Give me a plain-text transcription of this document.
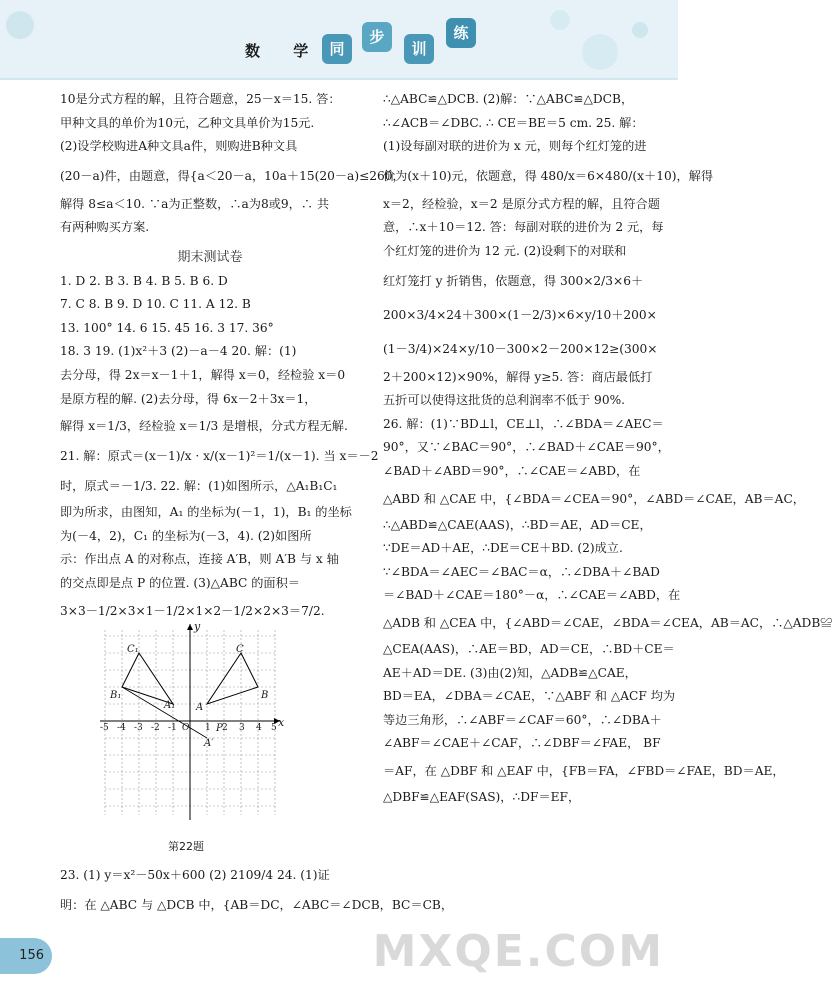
数 学 同
步
训
练

10是分式方程的解，且符合题意，25－x＝15. 答：

甲种文具的单价为10元，乙种文具单价为15元.

(2)设学校购进A种文具a件，则购进B种文具

(20－a)件，由题意，得{a＜20－a，10a＋15(20－a)≤260，

解得 8≤a＜10. ∵a为正整数，∴a为8或9，∴ 共

有两种购买方案.

期末测试卷

1. D 2. B 3. B 4. B 5. B 6. D

7. C 8. B 9. D 10. C 11. A 12. B

13. 100° 14. 6 15. 45 16. 3 17. 36°

18. 3 19. (1)x²＋3 (2)－a－4 20. 解：(1)

去分母，得 2x＝x－1＋1，解得 x＝0，经检验 x＝0

是原方程的解. (2)去分母，得 6x－2＋3x＝1，

解得 x＝1/3，经检验 x＝1/3 是增根，分式方程无解.

21. 解：原式＝(x－1)/x · x/(x－1)²＝1/(x－1). 当 x＝－2

时，原式＝－1/3. 22. 解：(1)如图所示，△A₁B₁C₁

即为所求，由图知，A₁ 的坐标为(－1，1)，B₁ 的坐标

为(－4，2)，C₁ 的坐标为(－3，4). (2)如图所

示：作出点 A 的对称点，连接 A′B，则 A′B 与 x 轴

的交点即是点 P 的位置. (3)△ABC 的面积＝

3×3－1/2×3×1－1/2×1×2－1/2×2×3＝7/2.

y
x
C₁	C
B₁	B
A₁ A
P
A′
-5 -4 -3 -2 -1 O 1 2 3 4 5
第22题

23. (1) y＝x²－50x＋600 (2) 2109/4 24. (1)证

明：在 △ABC 与 △DCB 中，{AB＝DC，∠ABC＝∠DCB，BC＝CB，

∴△ABC≌△DCB. (2)解：∵△ABC≌△DCB，

∴∠ACB＝∠DBC. ∴ CE＝BE＝5 cm. 25. 解：

(1)设每副对联的进价为 x 元，则每个红灯笼的进

价为(x＋10)元，依题意，得 480/x＝6×480/(x＋10)，解得

x＝2，经检验，x＝2 是原分式方程的解，且符合题

意，∴x＋10＝12. 答：每副对联的进价为 2 元，每

个红灯笼的进价为 12 元. (2)设剩下的对联和

红灯笼打 y 折销售，依题意，得 300×2/3×6＋

200×3/4×24＋300×(1－2/3)×6×y/10＋200×

(1－3/4)×24×y/10－300×2－200×12≥(300×

2＋200×12)×90%，解得 y≥5. 答：商店最低打

五折可以使得这批货的总利润率不低于 90%.

26. 解：(1)∵BD⊥l，CE⊥l，∴∠BDA＝∠AEC＝

90°，又∵∠BAC＝90°，∴∠BAD＋∠CAE＝90°，

∠BAD＋∠ABD＝90°，∴∠CAE＝∠ABD，在

△ABD 和 △CAE 中，{∠BDA＝∠CEA＝90°，∠ABD＝∠CAE，AB＝AC，

∴△ABD≌△CAE(AAS)，∴BD＝AE，AD＝CE，

∵DE＝AD＋AE，∴DE＝CE＋BD. (2)成立.

∵∠BDA＝∠AEC＝∠BAC＝α，∴∠DBA＋∠BAD

＝∠BAD＋∠CAE＝180°－α，∴∠CAE＝∠ABD，在

△ADB 和 △CEA 中，{∠ABD＝∠CAE，∠BDA＝∠CEA，AB＝AC，∴△ADB≌

△CEA(AAS)，∴AE＝BD，AD＝CE，∴BD＋CE＝

AE＋AD＝DE. (3)由(2)知，△ADB≌△CAE，

BD＝EA，∠DBA＝∠CAE，∵△ABF 和 △ACF 均为

等边三角形，∴∠ABF＝∠CAF＝60°，∴∠DBA＋

∠ABF＝∠CAE＋∠CAF，∴∠DBF＝∠FAE， BF

＝AF，在 △DBF 和 △EAF 中，{FB＝FA，∠FBD＝∠FAE，BD＝AE，

△DBF≌△EAF(SAS)，∴DF＝EF，

156	MXQE.COM
